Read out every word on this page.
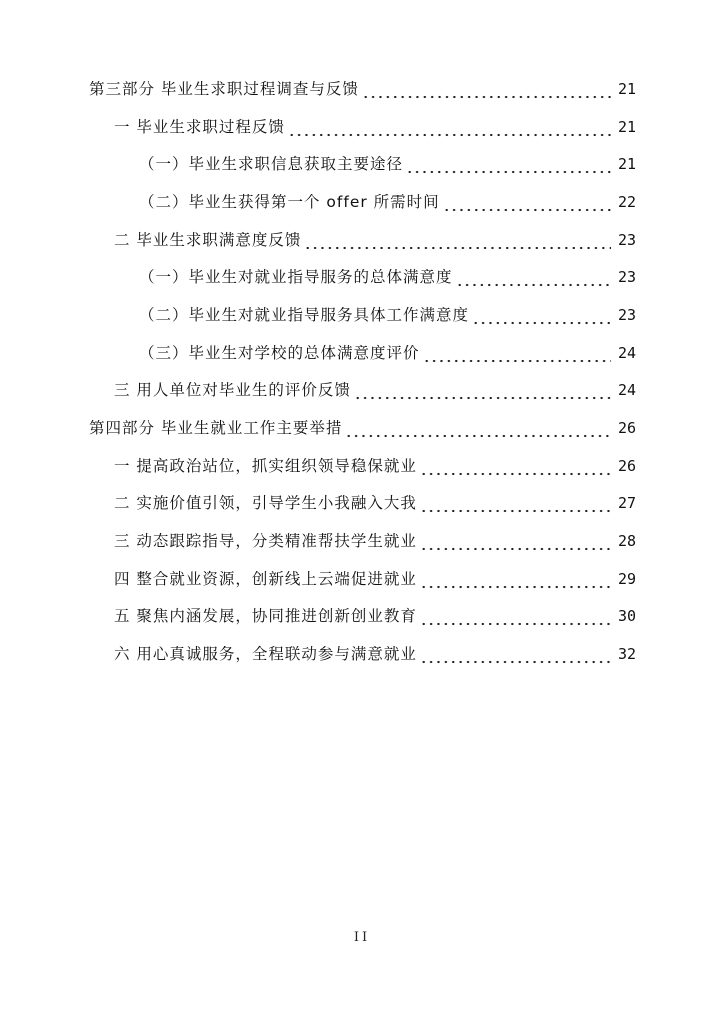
第三部分 毕业生求职过程调查与反馈	21
一 毕业生求职过程反馈	21
（一）毕业生求职信息获取主要途径	21
（二）毕业生获得第一个 offer 所需时间	22
二 毕业生求职满意度反馈	23
（一）毕业生对就业指导服务的总体满意度	23
（二）毕业生对就业指导服务具体工作满意度	23
（三）毕业生对学校的总体满意度评价	24
三 用人单位对毕业生的评价反馈	24
第四部分 毕业生就业工作主要举措	26
一 提高政治站位，抓实组织领导稳保就业	26
二 实施价值引领，引导学生小我融入大我	27
三 动态跟踪指导，分类精准帮扶学生就业	28
四 整合就业资源，创新线上云端促进就业	29
五 聚焦内涵发展，协同推进创新创业教育	30
六 用心真诚服务，全程联动参与满意就业	32
II
